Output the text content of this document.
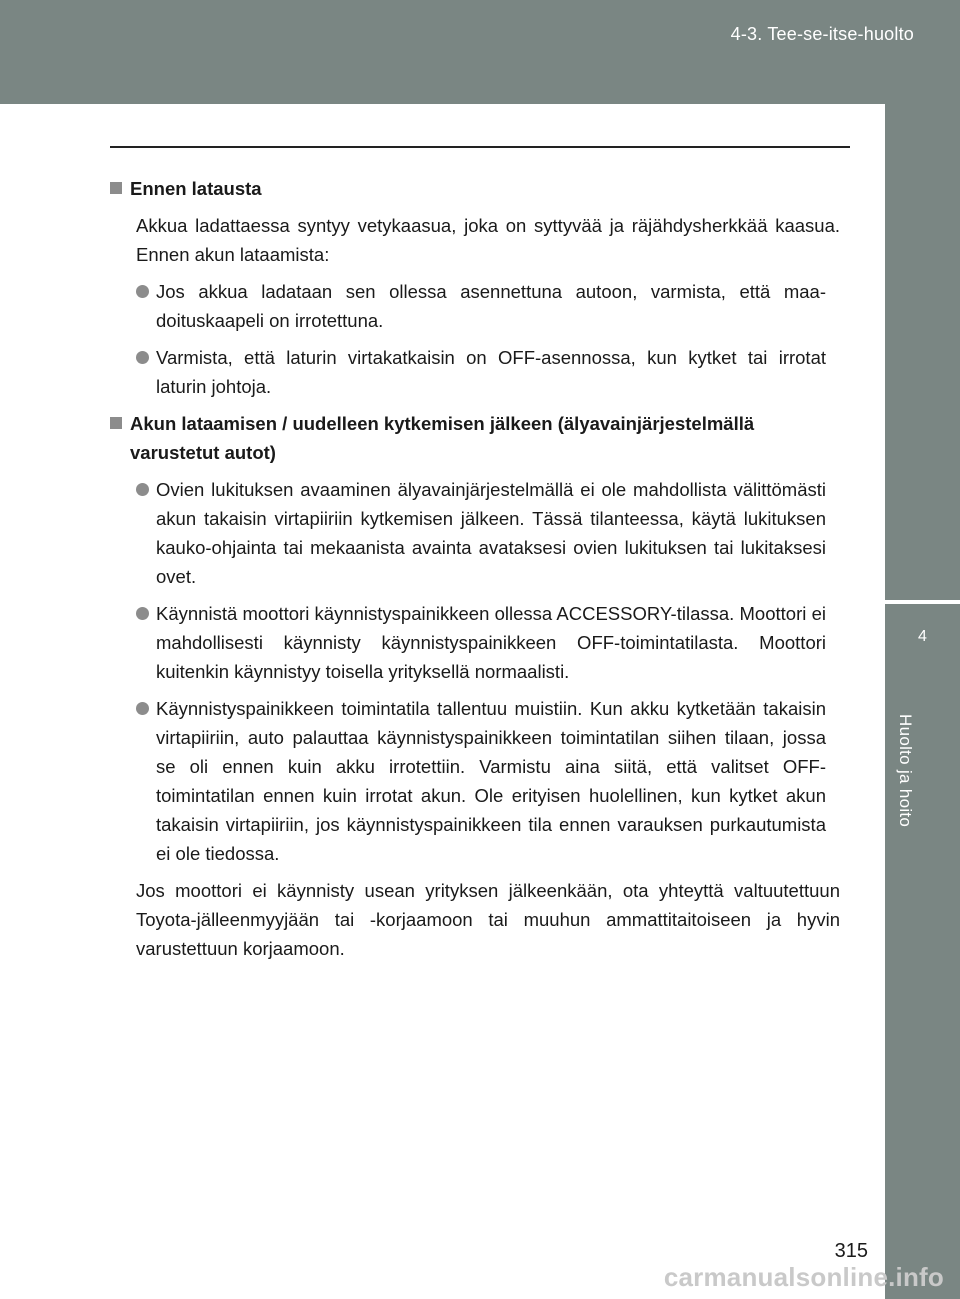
4-3. Tee-se-itse-huolto
4
Huolto ja hoito
Ennen latausta
Akkua ladattaessa syntyy vetykaasua, joka on syttyvää ja räjähdysherkkää kaasua. Ennen akun lataamista:
Jos akkua ladataan sen ollessa asennettuna autoon, varmista, että maadoituskaapeli on irrotettuna.
Varmista, että laturin virtakatkaisin on OFF-asennossa, kun kytket tai irrotat laturin johtoja.
Akun lataamisen / uudelleen kytkemisen jälkeen (älyavainjärjestelmällä varustetut autot)
Ovien lukituksen avaaminen älyavainjärjestelmällä ei ole mahdollista välittömästi akun takaisin virtapiiriin kytkemisen jälkeen. Tässä tilanteessa, käytä lukituksen kauko-ohjainta tai mekaanista avainta avataksesi ovien lukituksen tai lukitaksesi ovet.
Käynnistä moottori käynnistyspainikkeen ollessa ACCESSORY-tilassa. Moottori ei mahdollisesti käynnisty käynnistyspainikkeen OFF-toimintatilasta. Moottori kuitenkin käynnistyy toisella yrityksellä normaalisti.
Käynnistyspainikkeen toimintatila tallentuu muistiin. Kun akku kytketään takaisin virtapiiriin, auto palauttaa käynnistyspainikkeen toimintatilan siihen tilaan, jossa se oli ennen kuin akku irrotettiin. Varmistu aina siitä, että valitset OFF-toimintatilan ennen kuin irrotat akun. Ole erityisen huolellinen, kun kytket akun takaisin virtapiiriin, jos käynnistyspainikkeen tila ennen varauksen purkautumista ei ole tiedossa.
Jos moottori ei käynnisty usean yrityksen jälkeenkään, ota yhteyttä valtuutettuun Toyota-jälleenmyyjään tai -korjaamoon tai muuhun ammattitaitoiseen ja hyvin varustettuun korjaamoon.
315
carmanualsonline.info
